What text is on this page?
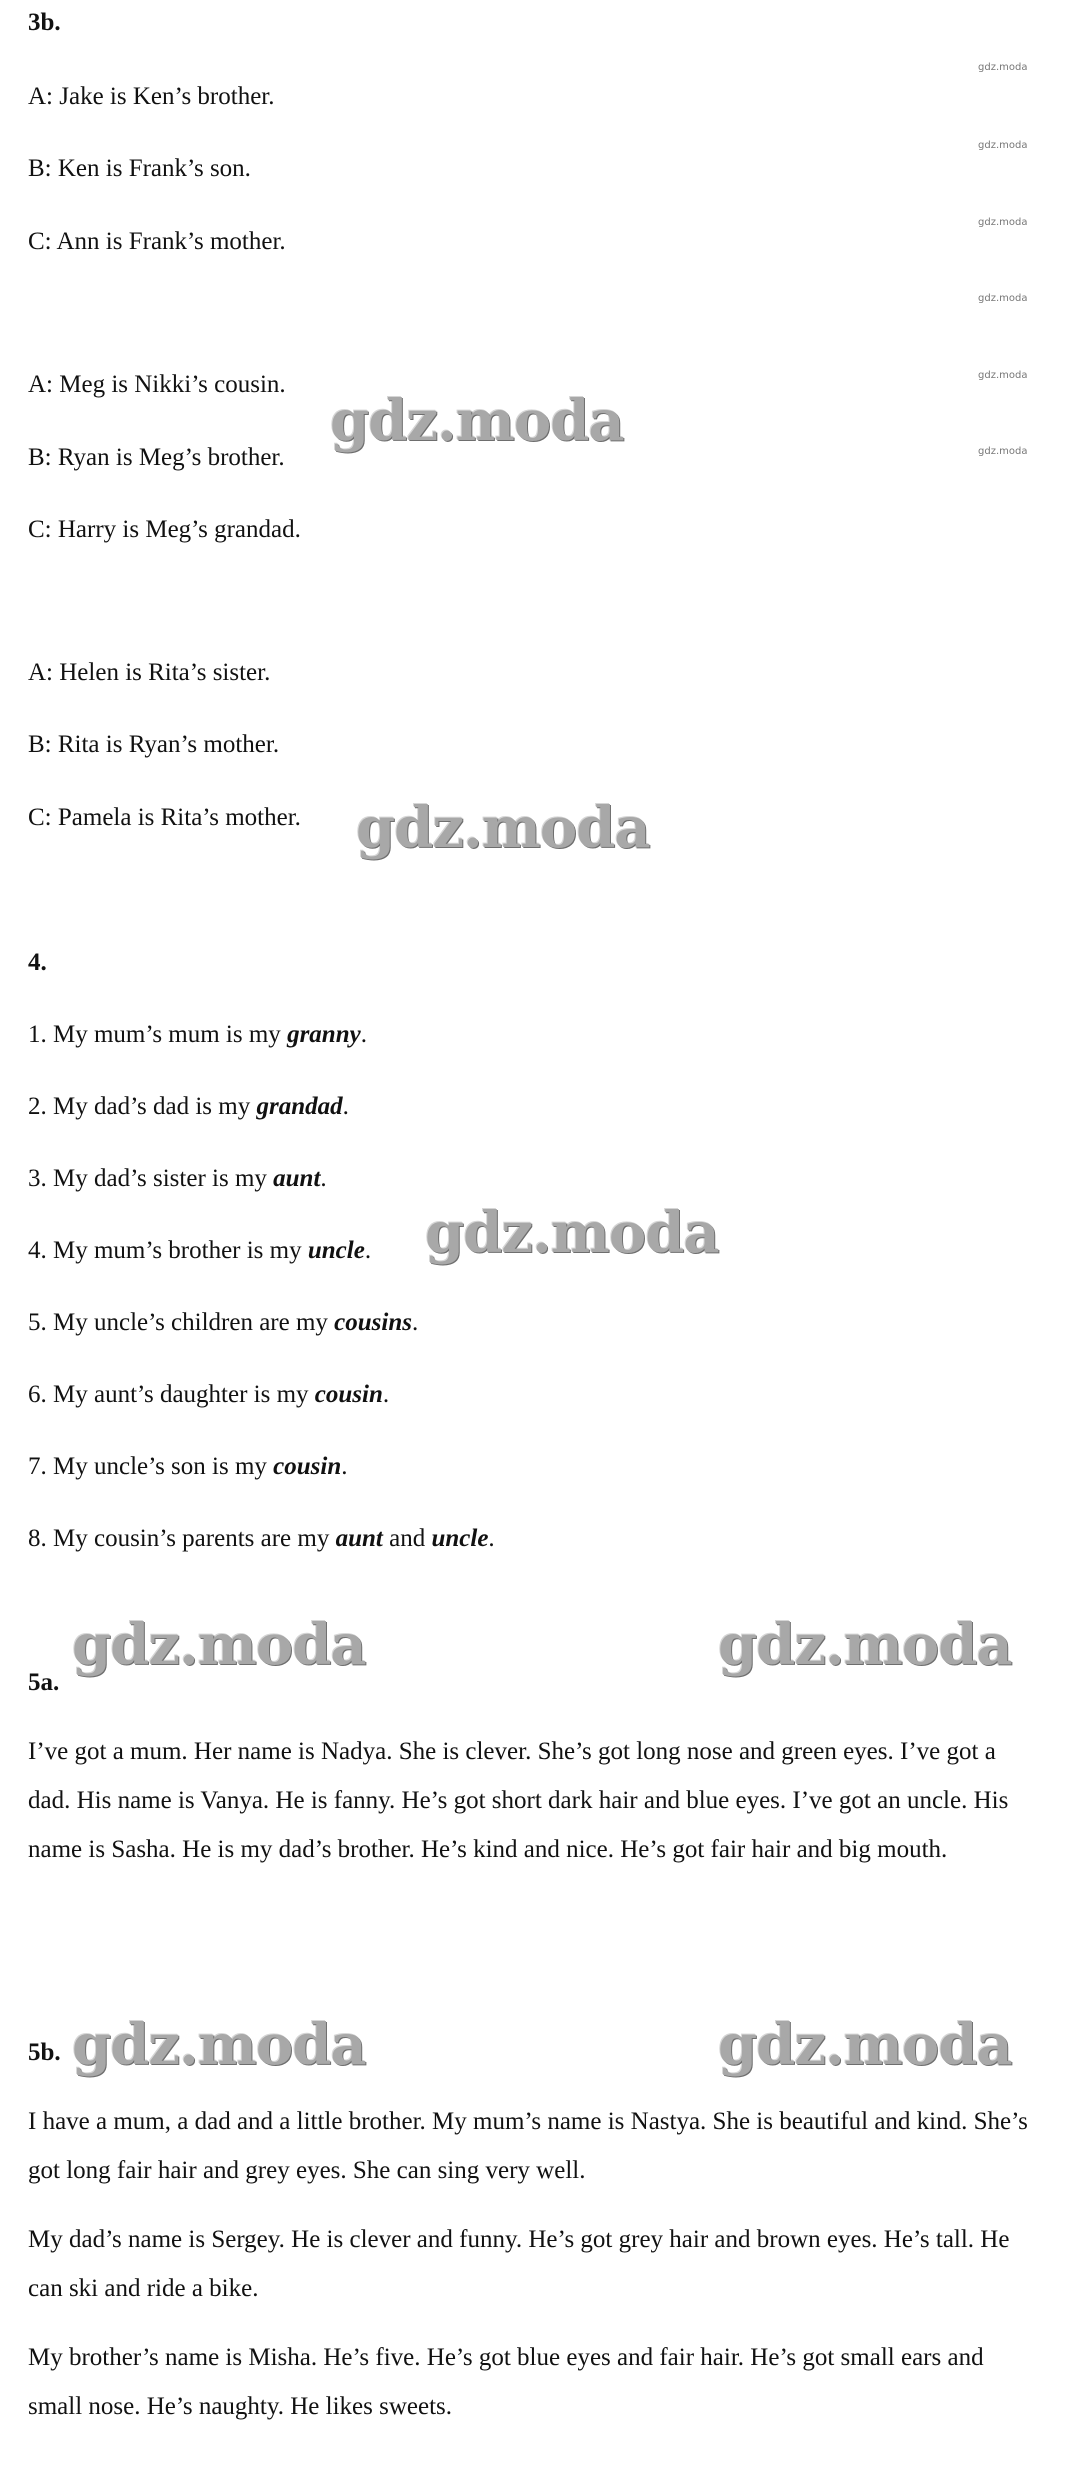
gdz.moda
gdz.moda
gdz.moda
gdz.moda
gdz.moda
gdz.moda
3b.
A: Jake is Ken’s brother.
B: Ken is Frank’s son.
C: Ann is Frank’s mother.
A: Meg is Nikki’s cousin.
B: Ryan is Meg’s brother.
C: Harry is Meg’s grandad.
A: Helen is Rita’s sister.
B: Rita is Ryan’s mother.
C: Pamela is Rita’s mother.
4.
1. My mum’s mum is my granny.
2. My dad’s dad is my grandad.
3. My dad’s sister is my aunt.
4. My mum’s brother is my uncle.
5. My uncle’s children are my cousins.
6. My aunt’s daughter is my cousin.
7. My uncle’s son is my cousin.
8. My cousin’s parents are my aunt and uncle.
5a.
I’ve got a mum. Her name is Nadya. She is clever. She’s got long nose and green eyes. I’ve got a dad. His name is Vanya. He is fanny. He’s got short dark hair and blue eyes. I’ve got an uncle. His name is Sasha. He is my dad’s brother. He’s kind and nice. He’s got fair hair and big mouth.
5b.
I have a mum, a dad and a little brother. My mum’s name is Nastya. She is beautiful and kind. She’s got long fair hair and grey eyes. She can sing very well.
My dad’s name is Sergey. He is clever and funny. He’s got grey hair and brown eyes. He’s tall. He can ski and ride a bike.
My brother’s name is Misha. He’s five. He’s got blue eyes and fair hair. He’s got small ears and small nose. He’s naughty. He likes sweets.
gdz.moda
gdz.moda
gdz.moda
gdz.moda	gdz.moda
gdz.moda	gdz.moda
